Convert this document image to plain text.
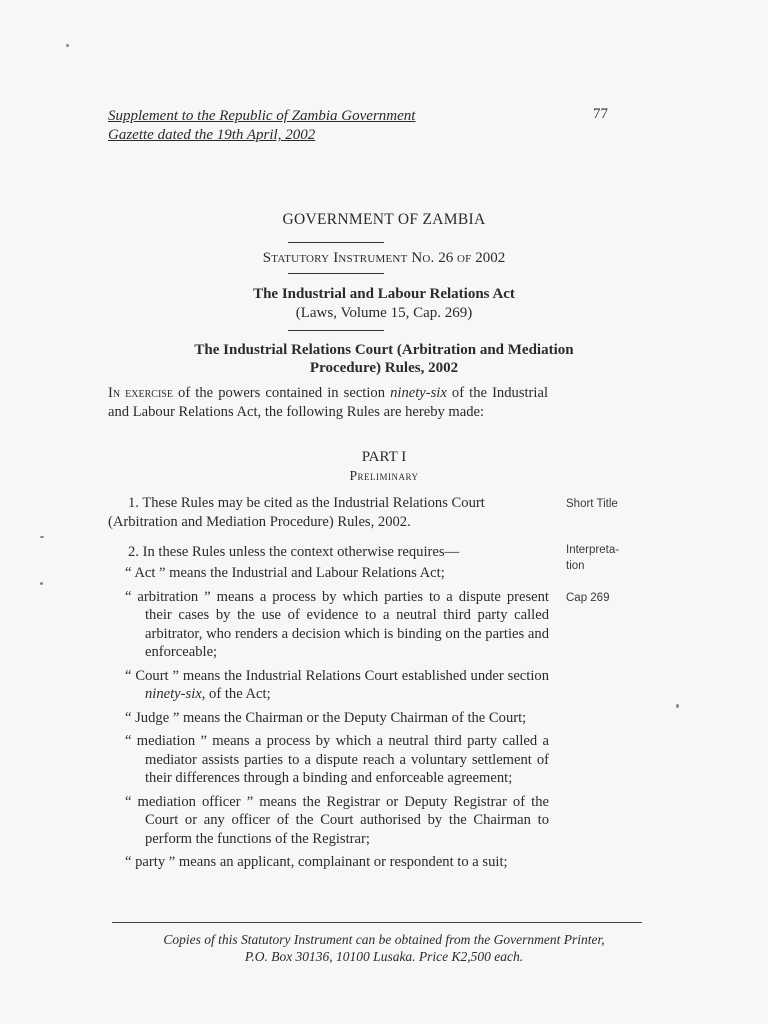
Supplement to the Republic of Zambia Government
Gazette dated the 19th April, 2002
77
GOVERNMENT OF ZAMBIA
Statutory Instrument No. 26 of 2002
The Industrial and Labour Relations Act
(Laws, Volume 15, Cap. 269)
The Industrial Relations Court (Arbitration and Mediation
Procedure) Rules, 2002
In exercise of the powers contained in section ninety-six of the Industrial and Labour Relations Act, the following Rules are hereby made:
PART I
Preliminary
1. These Rules may be cited as the Industrial Relations Court (Arbitration and Mediation Procedure) Rules, 2002.
2. In these Rules unless the context otherwise requires—

“ Act ” means the Industrial and Labour Relations Act;

“ arbitration ” means a process by which parties to a dispute present their cases by the use of evidence to a neutral third party called arbitrator, who renders a decision which is binding on the parties and enforceable;

“ Court ” means the Industrial Relations Court established under section ninety-six, of the Act;

“ Judge ” means the Chairman or the Deputy Chairman of the Court;

“ mediation ” means a process by which a neutral third party called a mediator assists parties to a dispute reach a voluntary settlement of their differences through a binding and enforceable agreement;

“ mediation officer ” means the Registrar or Deputy Registrar of the Court or any officer of the Court authorised by the Chairman to perform the functions of the Registrar;

“ party ” means an applicant, complainant or respondent to a suit;

Short Title
Interpreta-
tion
Cap 269
Copies of this Statutory Instrument can be obtained from the Government Printer,
P.O. Box 30136, 10100 Lusaka. Price K2,500 each.
